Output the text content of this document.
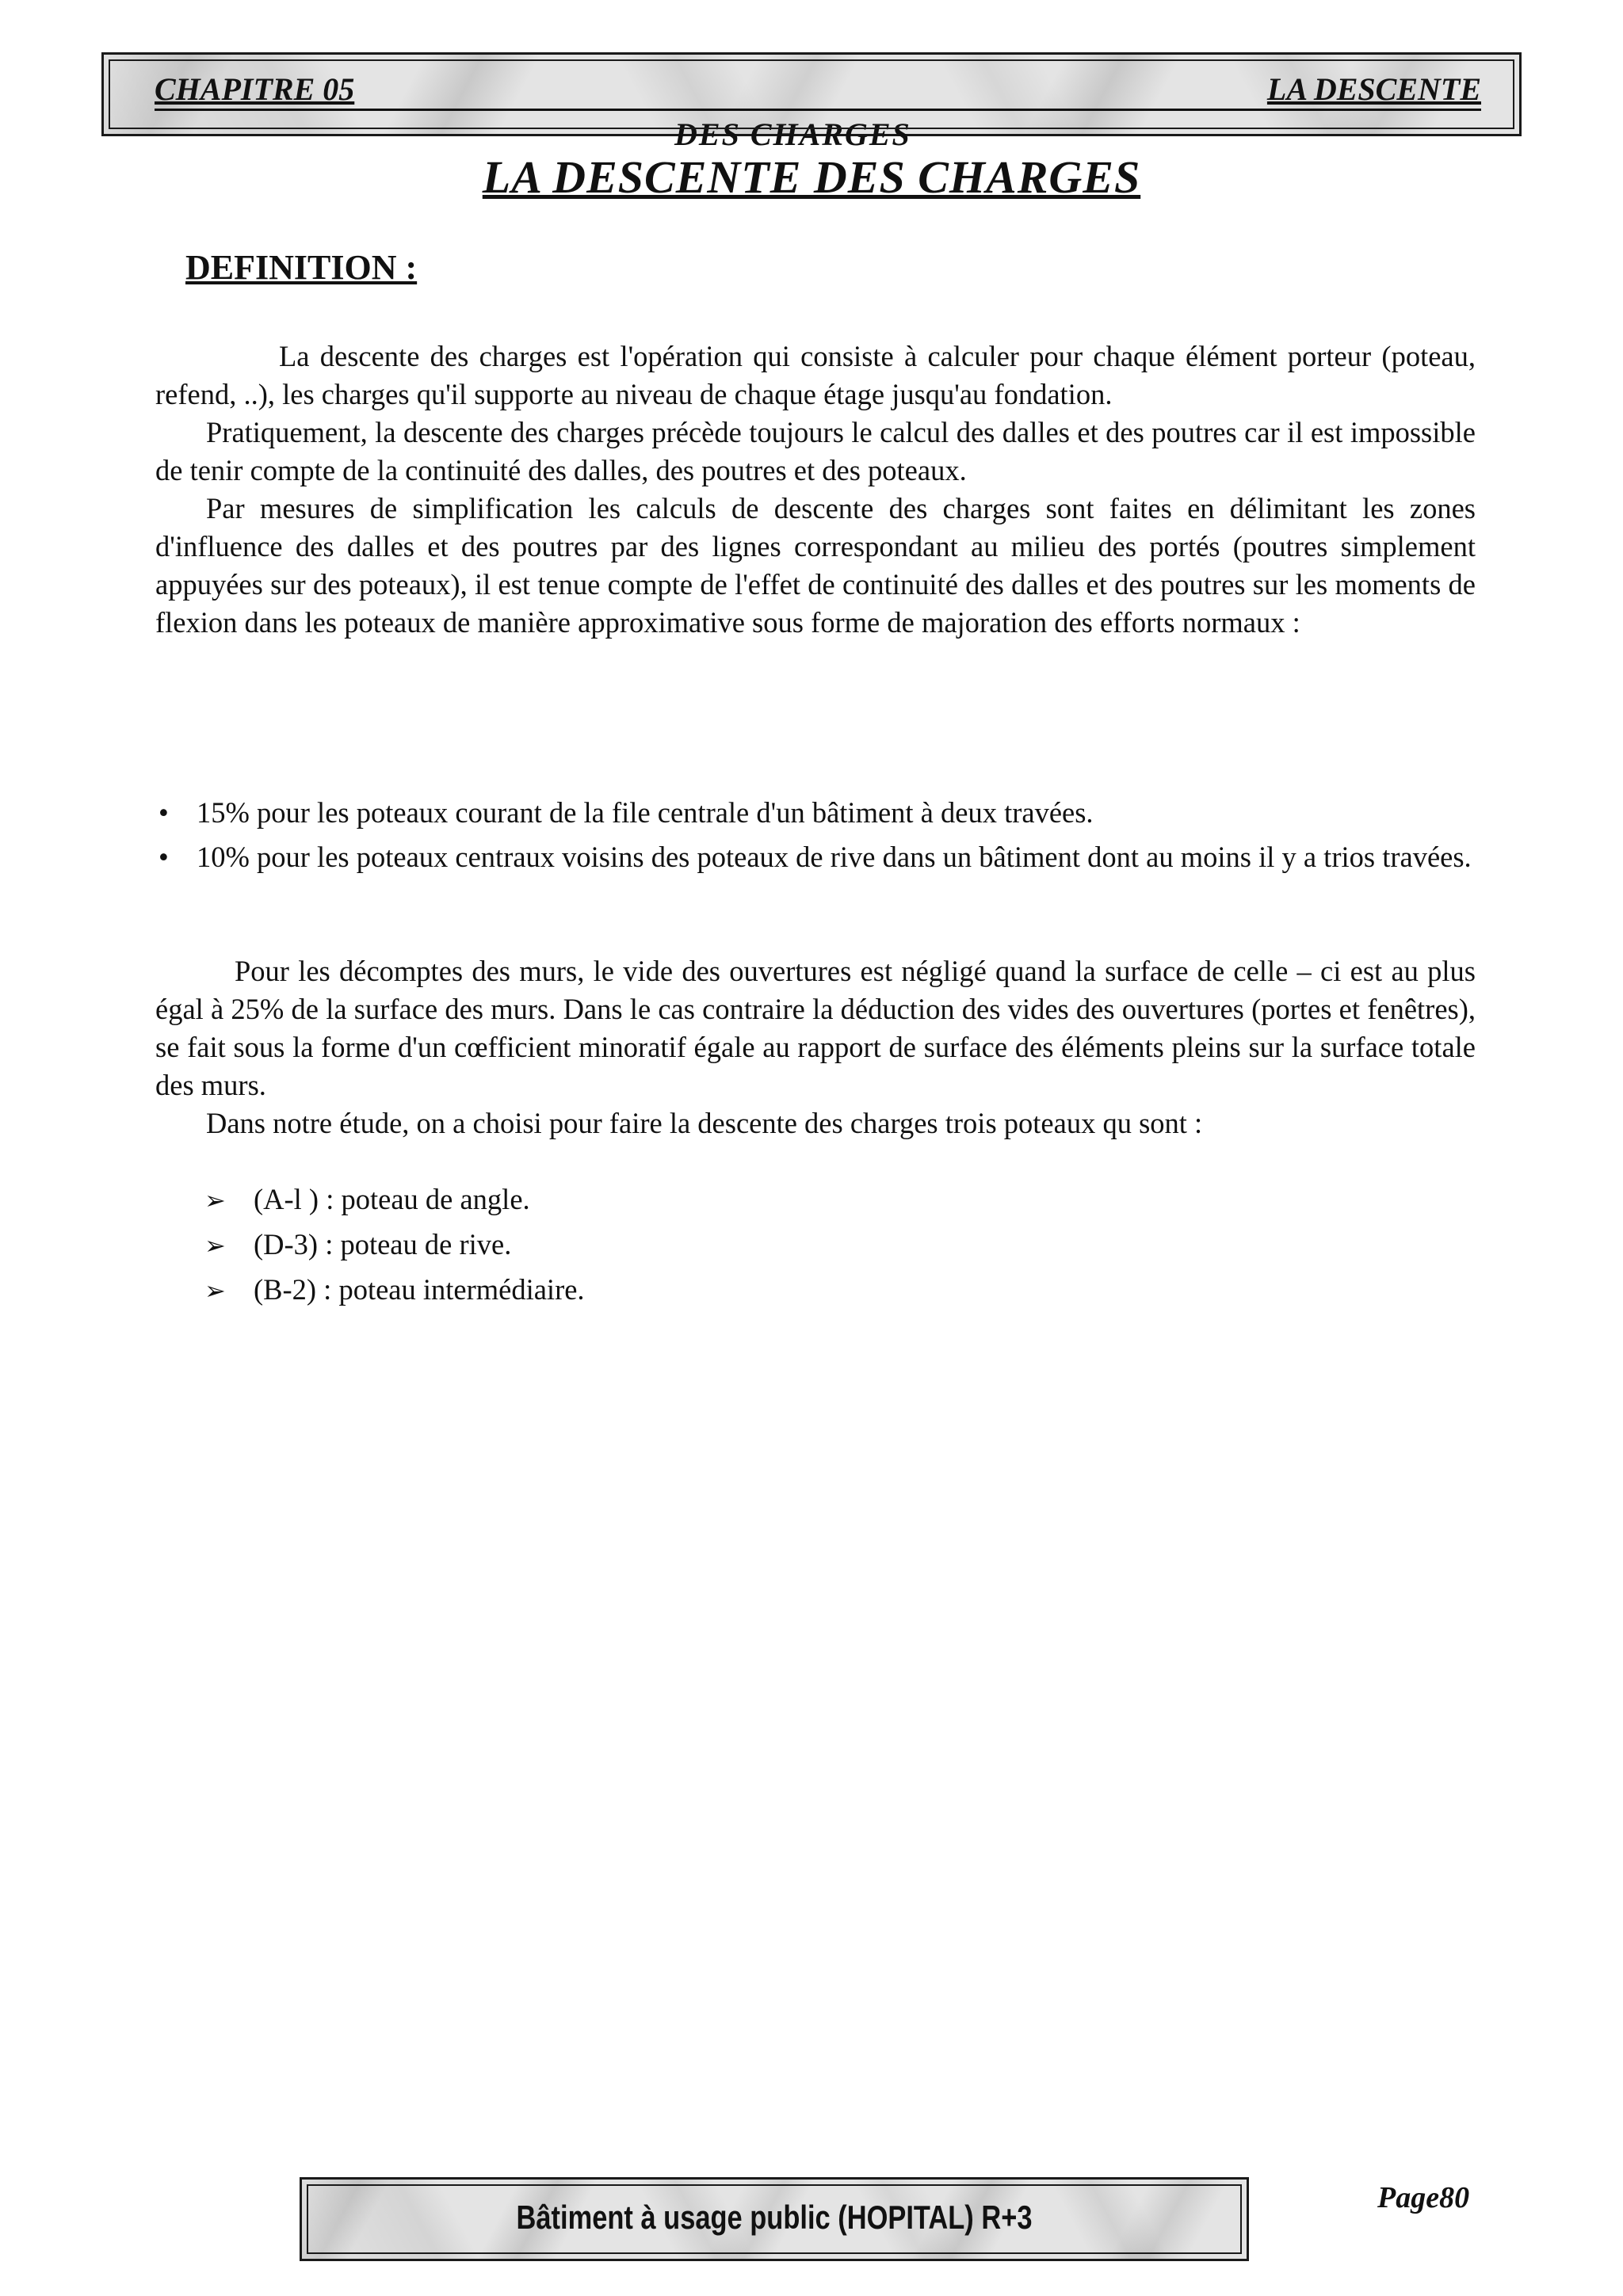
CHAPITRE 05	LA DESCENTE
DES CHARGES
LA DESCENTE DES CHARGES
DEFINITION :

La descente des charges est l'opération qui consiste à calculer pour chaque élément porteur (poteau, refend, ..), les charges qu'il supporte au niveau de chaque étage jusqu'au fondation.

Pratiquement, la descente des charges précède toujours le calcul des dalles et des poutres car il est impossible de tenir compte de la continuité des dalles, des poutres et des poteaux.

Par mesures de simplification les calculs de descente des charges sont faites en délimitant les zones d'influence des dalles et des poutres par des lignes correspondant au milieu des portés (poutres simplement appuyées sur des poteaux), il est tenue compte de l'effet de continuité des dalles et des poutres sur les moments de flexion dans les poteaux de manière approximative sous forme de majoration des efforts normaux :

• 15% pour les poteaux courant de la file centrale d'un bâtiment à deux travées.
• 10% pour les poteaux centraux voisins des poteaux de rive dans un bâtiment dont au moins il y a trios travées.

Pour les décomptes des murs, le vide des ouvertures est négligé quand la surface de celle – ci est au plus égal à 25% de la surface des murs. Dans le cas contraire la déduction des vides des ouvertures (portes et fenêtres), se fait sous la forme d'un cœfficient minoratif égale au rapport de surface des éléments pleins sur la surface totale des murs.

Dans notre étude, on a choisi pour faire la descente des charges trois poteaux qu sont :

➢ (A-l ) : poteau de angle.
➢ (D-3) : poteau de rive.
➢ (B-2) : poteau intermédiaire.
Bâtiment à usage public (HOPITAL) R+3
Page80
